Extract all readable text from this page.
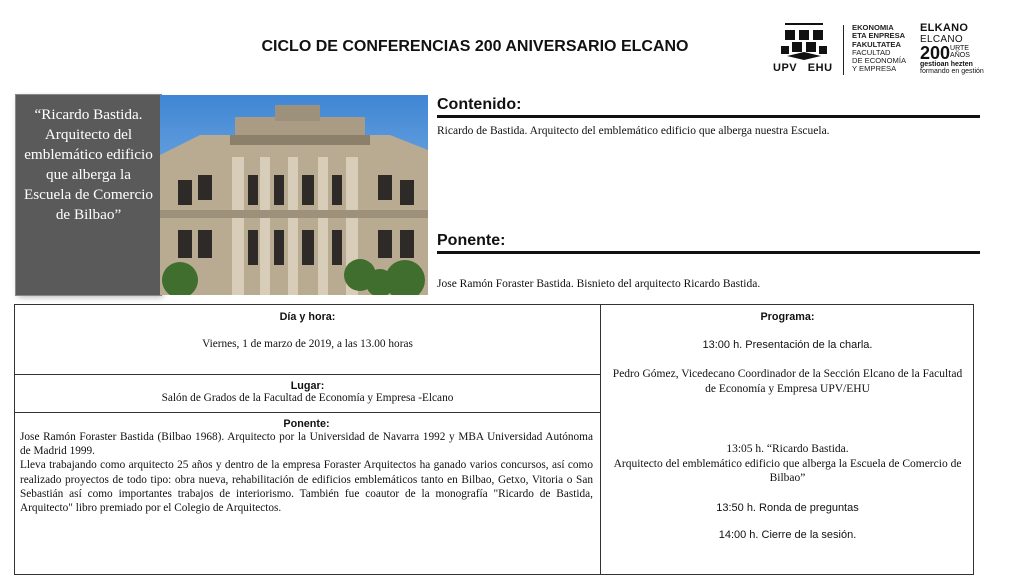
CICLO DE CONFERENCIAS 200 ANIVERSARIO ELCANO
UPV   EHU
EKONOMIA
ETA ENPRESA
FAKULTATEA
FACULTAD
DE ECONOMÍA
Y EMPRESA
ELKANO
ELCANO
200URTE
AÑOS
gestioan hezten
formando en gestión
“Ricardo Bastida. Arquitecto del emblemático edificio que alberga la Escuela de Comercio de Bilbao”
Contenido:
Ricardo de Bastida. Arquitecto del emblemático edificio que alberga nuestra Escuela.
Ponente:
Jose Ramón Foraster Bastida. Bisnieto del arquitecto Ricardo Bastida.
Día y hora:
Viernes, 1 de marzo de 2019, a las 13.00 horas
Lugar:
Salón de Grados de la Facultad de Economía y Empresa -Elcano
Ponente:
Jose Ramón Foraster Bastida (Bilbao 1968). Arquitecto por la Universidad de Navarra 1992 y MBA Universidad Autónoma de Madrid 1999.
Lleva trabajando como arquitecto 25 años y dentro de la empresa Foraster Arquitectos ha ganado varios concursos, así como realizado proyectos de todo tipo: obra nueva, rehabilitación de edificios emblemáticos tanto en Bilbao, Getxo, Vitoria o San Sebastián así como importantes trabajos de interiorismo. También fue coautor de la monografía "Ricardo de Bastida, Arquitecto" libro premiado por el Colegio de Arquitectos.
Programa:
13:00 h. Presentación de la charla.
Pedro Gómez, Vicedecano Coordinador de la Sección Elcano de la Facultad de Economía y Empresa UPV/EHU
13:05 h. “Ricardo Bastida.
Arquitecto del emblemático edificio que alberga la Escuela de Comercio de Bilbao”
13:50 h. Ronda de preguntas
14:00 h. Cierre de la sesión.
